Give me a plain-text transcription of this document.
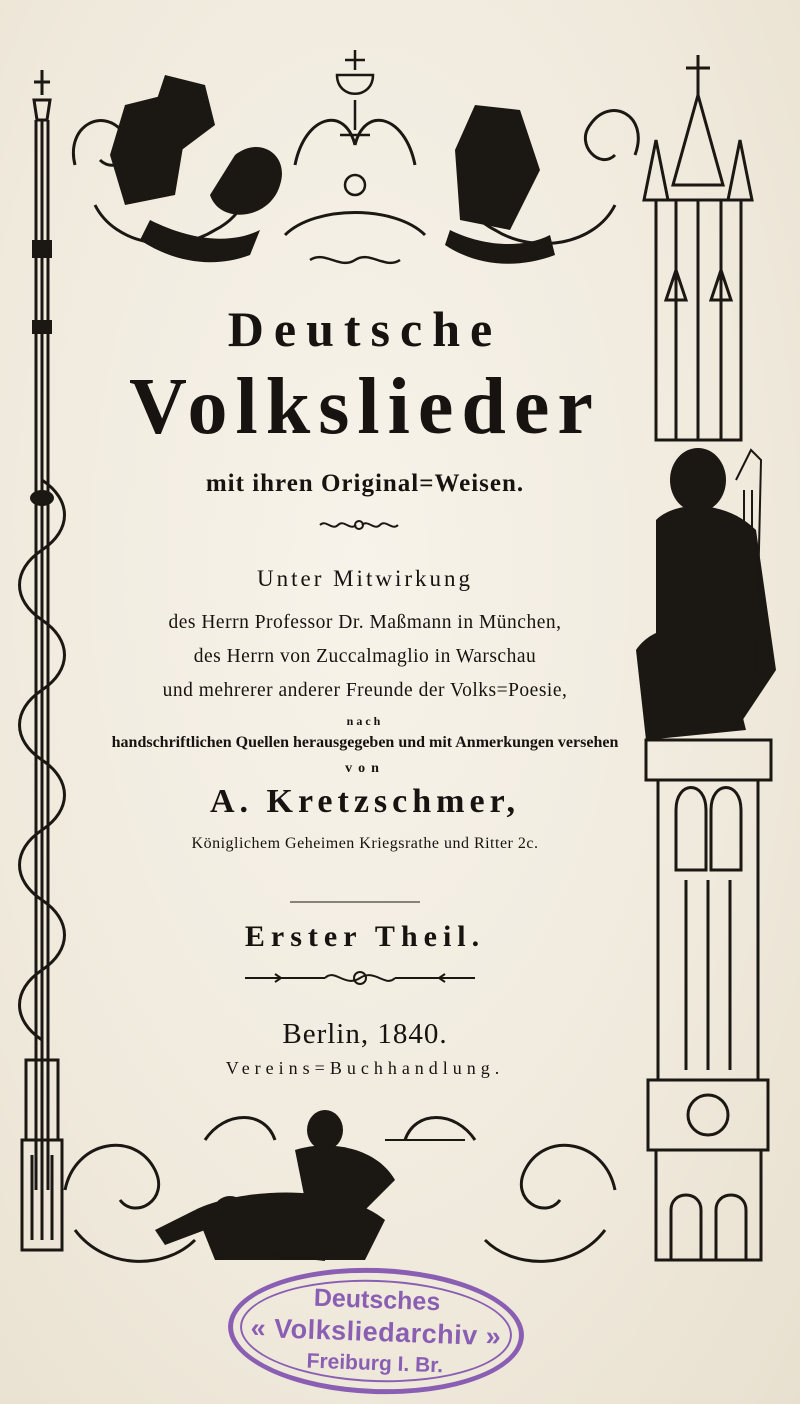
Deutsche
Volkslieder

mit ihren Original=Weisen.

Unter Mitwirkung

des Herrn Professor Dr. Maßmann in München,

des Herrn von Zuccalmaglio in Warschau

und mehrerer anderer Freunde der Volks=Poesie,

nach

handschriftlichen Quellen herausgegeben und mit Anmerkungen versehen

von

A. Kretzschmer,

Königlichem Geheimen Kriegsrathe und Ritter 2c.

Erster Theil.

Berlin, 1840.

Vereins=Buchhandlung.

Deutsches
« Volksliedarchiv »
Freiburg I. Br.
